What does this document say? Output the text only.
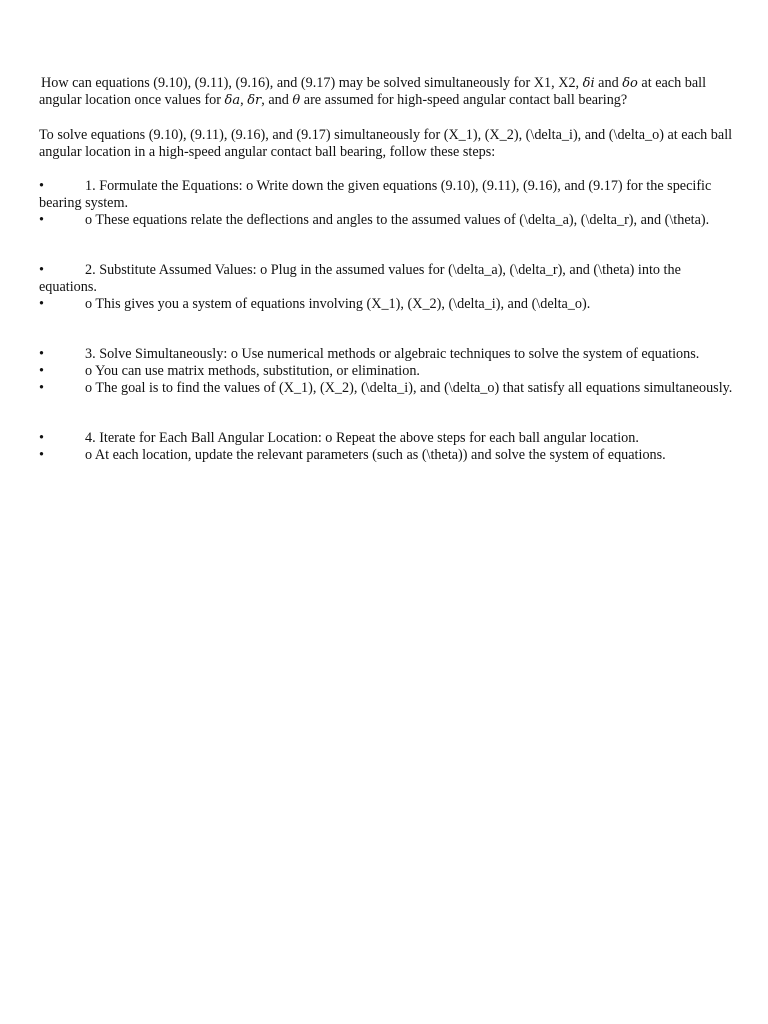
How can equations (9.10), (9.11), (9.16), and (9.17) may be solved simultaneously for X1, X2, δi and δo at each ball angular location once values for δa, δr, and θ are assumed for high-speed angular contact ball bearing?

To solve equations (9.10), (9.11), (9.16), and (9.17) simultaneously for (X_1), (X_2), (\delta_i), and (\delta_o) at each ball angular location in a high-speed angular contact ball bearing, follow these steps:

•	1. Formulate the Equations: o Write down the given equations (9.10), (9.11), (9.16), and (9.17) for the specific bearing system.

•	o These equations relate the deflections and angles to the assumed values of (\delta_a), (\delta_r), and (\theta).

•	2. Substitute Assumed Values: o Plug in the assumed values for (\delta_a), (\delta_r), and (\theta) into the equations.

•	o This gives you a system of equations involving (X_1), (X_2), (\delta_i), and (\delta_o).

•	3. Solve Simultaneously: o Use numerical methods or algebraic techniques to solve the system of equations.

•	o You can use matrix methods, substitution, or elimination.

•	o The goal is to find the values of (X_1), (X_2), (\delta_i), and (\delta_o) that satisfy all equations simultaneously.

•	4. Iterate for Each Ball Angular Location: o Repeat the above steps for each ball angular location.

•	o At each location, update the relevant parameters (such as (\theta)) and solve the system of equations.
